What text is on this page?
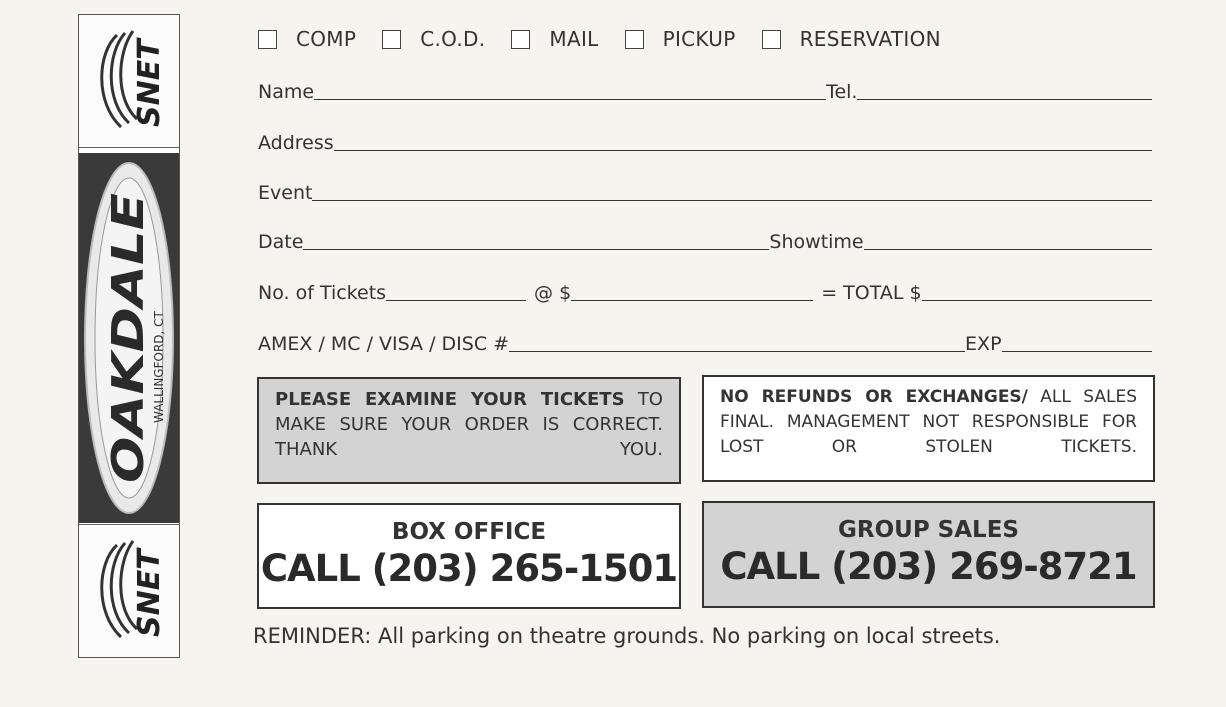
SNET
OAKDALE
WALLINGFORD, CT
SNET
COMP	C.O.D.	MAIL	PICKUP	RESERVATION
Name	Tel.
Address
Event
Date	Showtime
No. of Tickets	@ $	= TOTAL $
AMEX / MC / VISA / DISC #	EXP
PLEASE EXAMINE YOUR TICKETS TO MAKE SURE YOUR ORDER IS CORRECT. THANK YOU.
NO REFUNDS OR EXCHANGES/ ALL SALES FINAL. MANAGEMENT NOT RESPONSIBLE FOR LOST OR STOLEN TICKETS.
BOX OFFICE
CALL (203) 265-1501
GROUP SALES
CALL (203) 269-8721
REMINDER: All parking on theatre grounds. No parking on local streets.
